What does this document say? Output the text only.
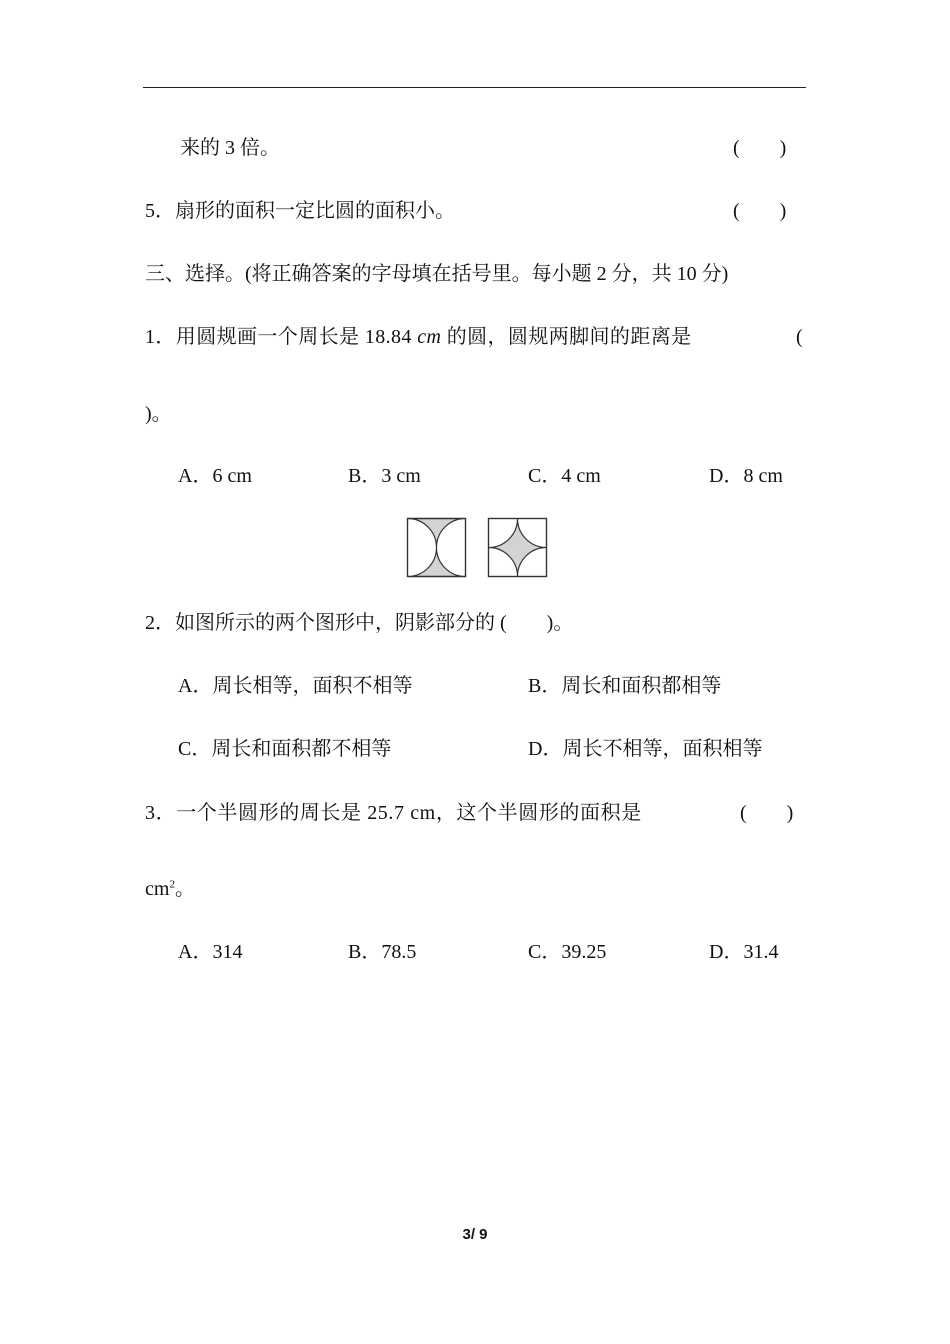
来的 3 倍。	(　　)
5．扇形的面积一定比圆的面积小。	(　　)
三、选择。(将正确答案的字母填在括号里。每小题 2 分，共 10 分)
1．用圆规画一个周长是 18.84 cm 的圆，圆规两脚间的距离是	(
)。
A．6 cm	B．3 cm	C．4 cm	D．8 cm
2．如图所示的两个图形中，阴影部分的 (　　)。
A．周长相等，面积不相等	B．周长和面积都相等
C．周长和面积都不相等	D．周长不相等，面积相等
3．一个半圆形的周长是 25.7 cm，这个半圆形的面积是	(　　)
$cm^2$。
A．314	B．78.5	C．39.25	D．31.4
3/ 9
